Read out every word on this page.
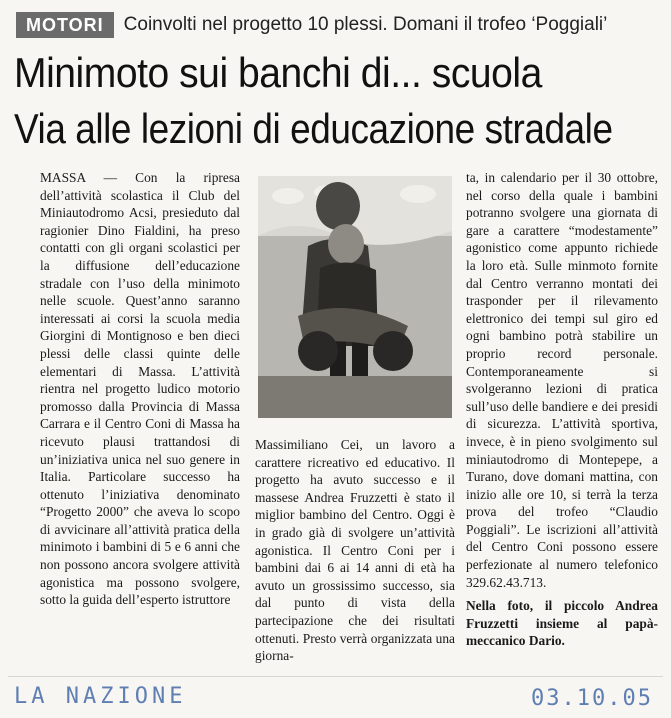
MOTORI	Coinvolti nel progetto 10 plessi. Domani il trofeo ‘Poggiali’
Minimoto sui banchi di... scuola
Via alle lezioni di educazione stradale

MASSA — Con la ripresa dell’attività scolastica il Club del Miniautodromo Acsi, presieduto dal ragionier Dino Fialdini, ha preso contatti con gli organi scolastici per la diffusione dell’educazione stradale con l’uso della minimoto nelle scuole. Quest’anno saranno interessati ai corsi la scuola media Giorgini di Montignoso e ben dieci plessi delle classi quinte delle elementari di Massa. L’attività rientra nel progetto ludico motorio promosso dalla Provincia di Massa Carrara e il Centro Coni di Massa ha ricevuto plausi trattandosi di un’iniziativa unica nel suo genere in Italia. Particolare successo ha ottenuto l’iniziativa denominato “Progetto 2000” che aveva lo scopo di avvicinare all’attività pratica della minimoto i bambini di 5 e 6 anni che non possono ancora svolgere attività agonistica ma possono svolgere, sotto la guida dell’esperto istruttore

Massimiliano Cei, un lavoro a carattere ricreativo ed educativo. Il progetto ha avuto successo e il massese Andrea Fruzzetti è stato il miglior bambino del Centro. Oggi è in grado già di svolgere un’attività agonistica. Il Centro Coni per i bambini dai 6 ai 14 anni di età ha avuto un grossissimo successo, sia dal punto di vista della partecipazione che dei risultati ottenuti. Presto verrà organizzata una giorna-

ta, in calendario per il 30 ottobre, nel corso della quale i bambini potranno svolgere una giornata di gare a carattere “modestamente” agonistico come appunto richiede la loro età. Sulle minmoto fornite dal Centro verranno montati dei trasponder per il rilevamento elettronico dei tempi sul giro ed ogni bambino potrà stabilire un proprio record personale. Contemporaneamente si svolgeranno lezioni di pratica sull’uso delle bandiere e dei presidi di sicurezza. L’attività sportiva, invece, è in pieno svolgimento sul miniautodromo di Montepepe, a Turano, dove domani mattina, con inizio alle ore 10, si terrà la terza prova del trofeo “Claudio Poggiali”. Le iscrizioni all’attività del Centro Coni possono essere perfezionate al numero telefonico 329.62.43.713.

Nella foto, il piccolo Andrea Fruzzetti insieme al papà-meccanico Dario.

LA NAZIONE	03.10.05
